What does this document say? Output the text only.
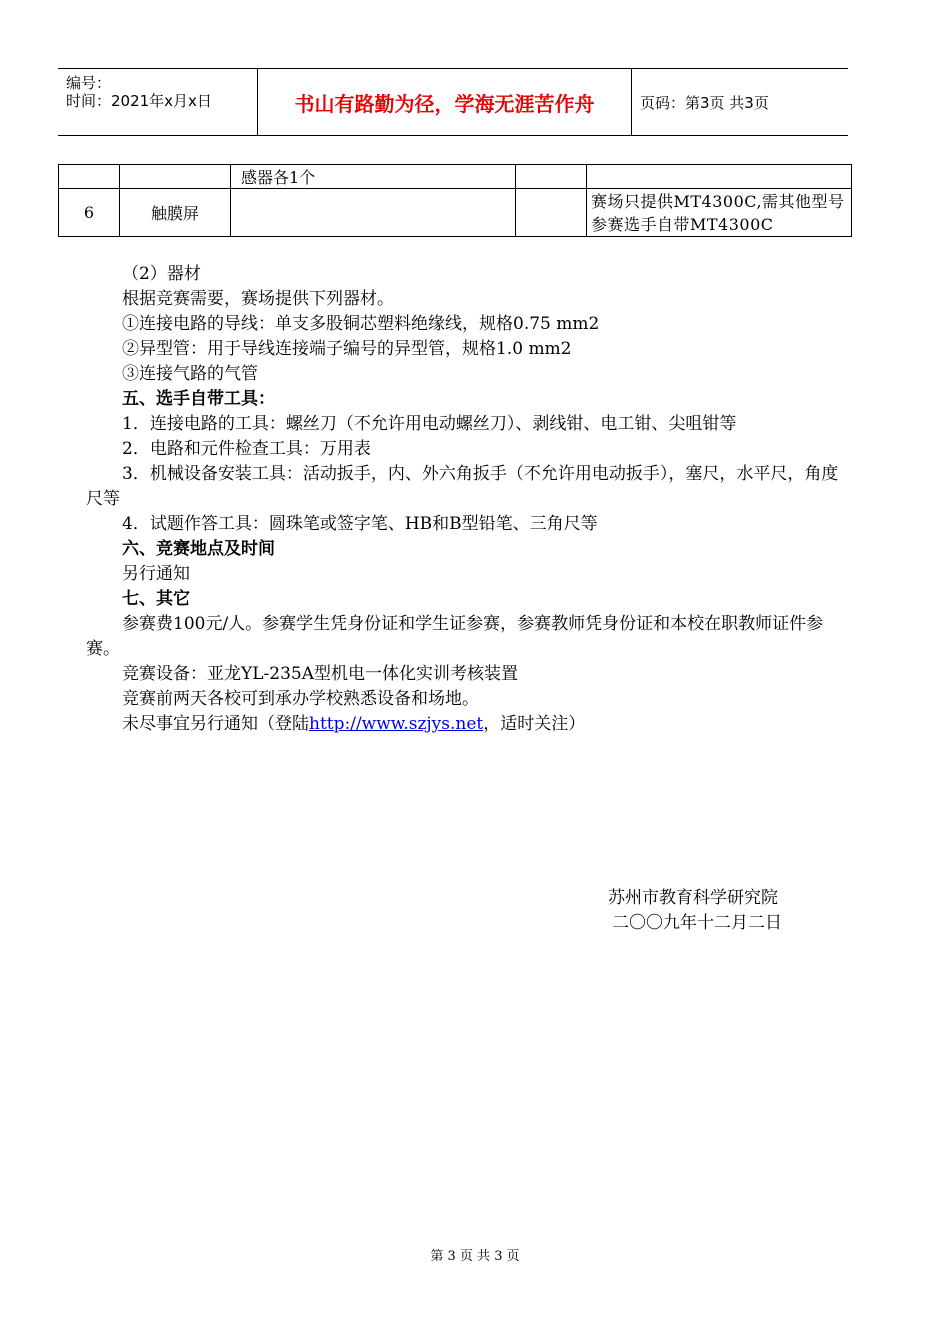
编号：
时间：2021年x月x日	书山有路勤为径，学海无涯苦作舟	页码：第3页 共3页
		感器各1个		
6	触膜屏			赛场只提供MT4300C,需其他型号参赛选手自带MT4300C

（2）器材

根据竞赛需要，赛场提供下列器材。

①连接电路的导线：单支多股铜芯塑料绝缘线，规格0.75 mm2

②异型管：用于导线连接端子编号的异型管，规格1.0 mm2

③连接气路的气管

五、选手自带工具：

1．连接电路的工具：螺丝刀（不允许用电动螺丝刀）、剥线钳、电工钳、尖咀钳等

2．电路和元件检查工具：万用表

3．机械设备安装工具：活动扳手，内、外六角扳手（不允许用电动扳手），塞尺，水平尺，角度尺等

4．试题作答工具：圆珠笔或签字笔、HB和B型铅笔、三角尺等

六、竞赛地点及时间

另行通知

七、其它

参赛费100元/人。参赛学生凭身份证和学生证参赛，参赛教师凭身份证和本校在职教师证件参赛。

竞赛设备：亚龙YL-235A型机电一体化实训考核装置

竞赛前两天各校可到承办学校熟悉设备和场地。

未尽事宜另行通知（登陆http://www.szjys.net，适时关注）

苏州市教育科学研究院
二〇〇九年十二月二日
第 3 页 共 3 页
